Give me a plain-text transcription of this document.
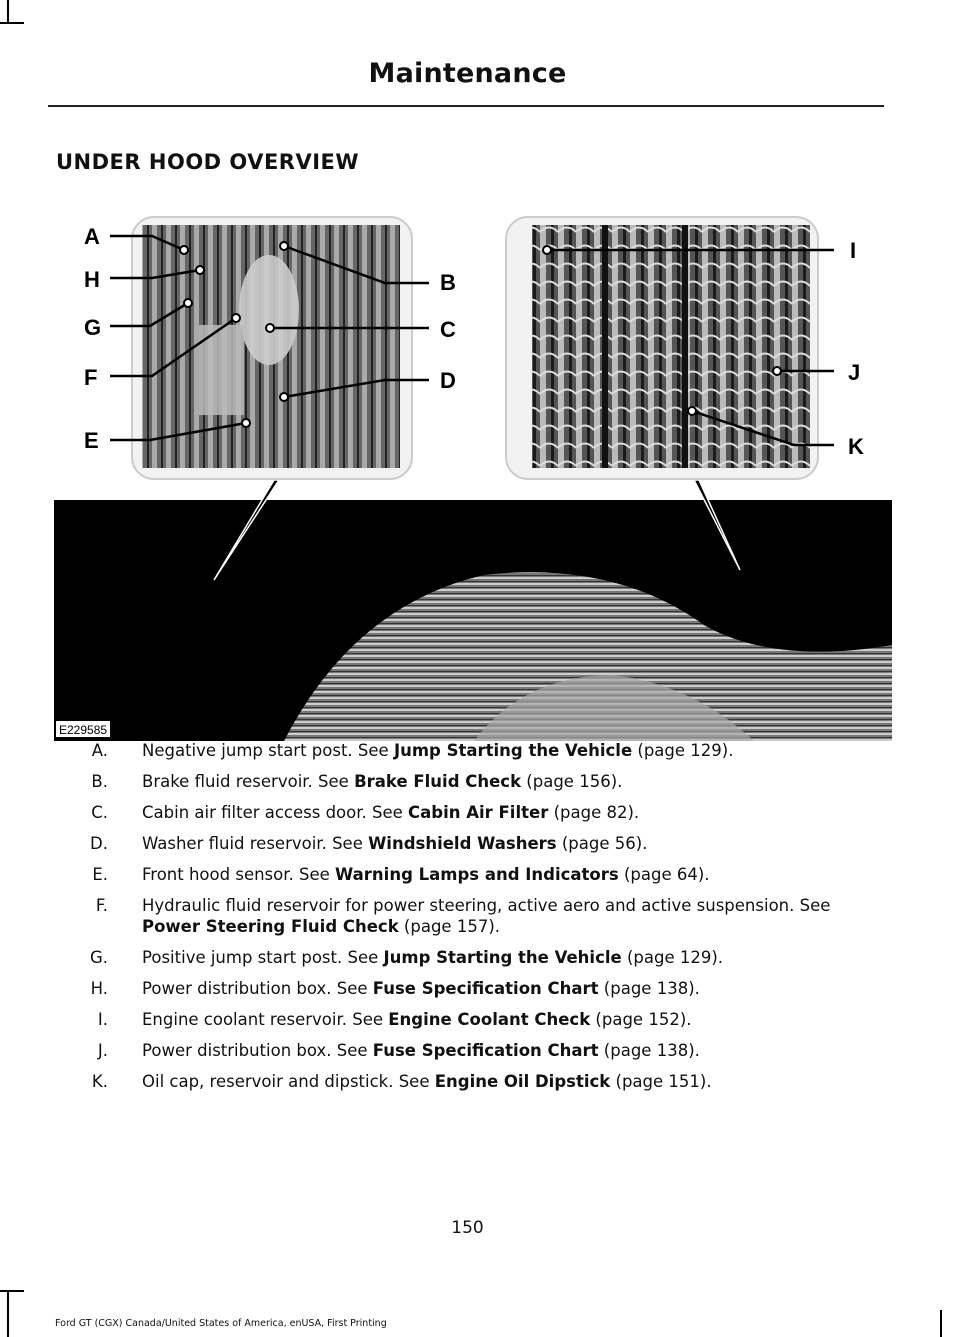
Maintenance
UNDER HOOD OVERVIEW
E229585
A
H
G
F
E
B
C
D
I
J
K
A. Negative jump start post. See Jump Starting the Vehicle (page 129).
B. Brake fluid reservoir. See Brake Fluid Check (page 156).
C. Cabin air filter access door. See Cabin Air Filter (page 82).
D. Washer fluid reservoir. See Windshield Washers (page 56).
E. Front hood sensor. See Warning Lamps and Indicators (page 64).
F. Hydraulic fluid reservoir for power steering, active aero and active suspension. See Power Steering Fluid Check (page 157).
G. Positive jump start post. See Jump Starting the Vehicle (page 129).
H. Power distribution box. See Fuse Specification Chart (page 138).
I. Engine coolant reservoir. See Engine Coolant Check (page 152).
J. Power distribution box. See Fuse Specification Chart (page 138).
K. Oil cap, reservoir and dipstick. See Engine Oil Dipstick (page 151).
150
Ford GT (CGX) Canada/United States of America, enUSA, First Printing
